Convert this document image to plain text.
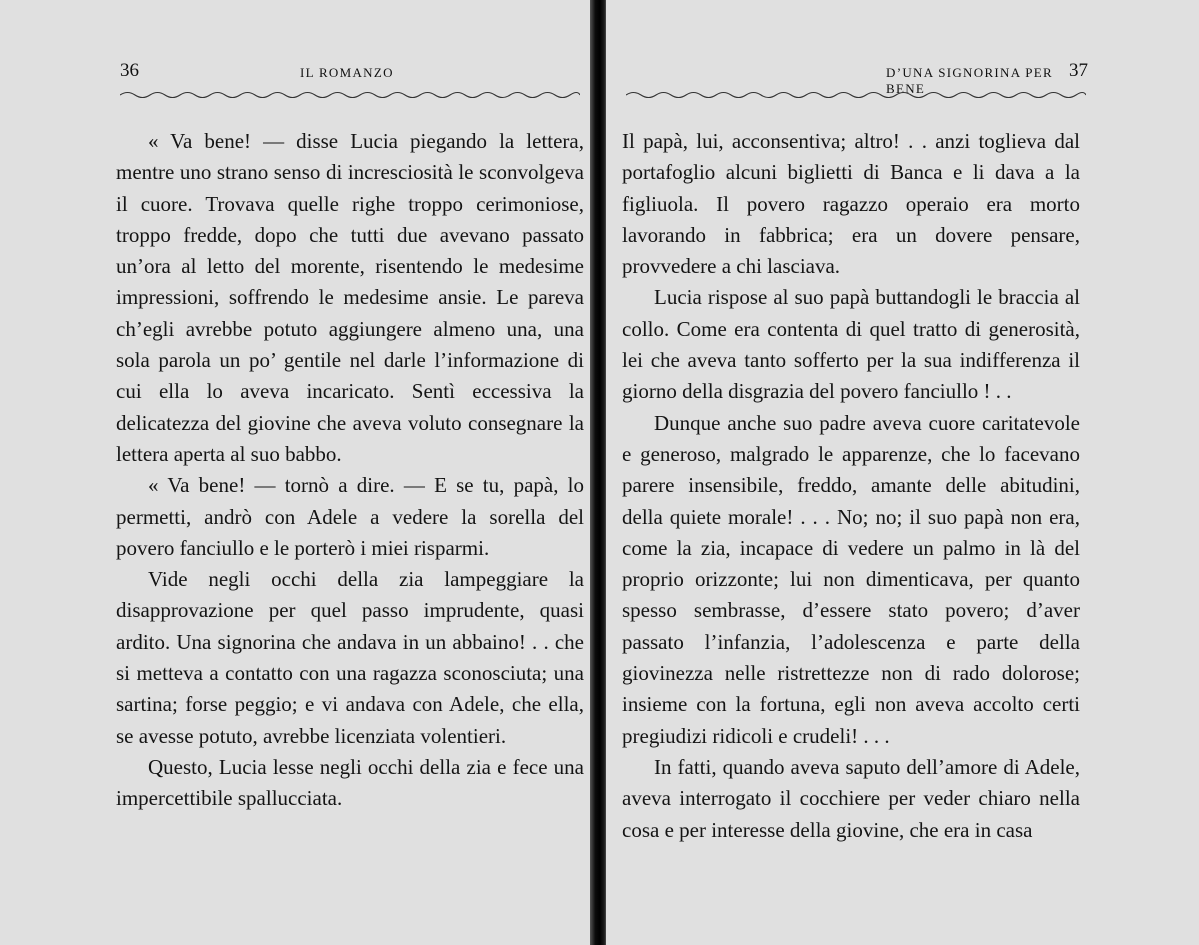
36	IL ROMANZO

« Va bene! — disse Lucia piegando la lettera, mentre uno strano senso di incresciosità le sconvolgeva il cuore. Trovava quelle righe troppo cerimoniose, troppo fredde, dopo che tutti due avevano passato un’ora al letto del morente, risentendo le medesime impressioni, soffrendo le medesime ansie. Le pareva ch’egli avrebbe potuto aggiungere almeno una, una sola parola un po’ gentile nel darle l’informazione di cui ella lo aveva incaricato. Sentì eccessiva la delicatezza del giovine che aveva voluto consegnare la lettera aperta al suo babbo.

« Va bene! — tornò a dire. — E se tu, papà, lo permetti, andrò con Adele a vedere la sorella del povero fanciullo e le porterò i miei risparmi.

Vide negli occhi della zia lampeggiare la disapprovazione per quel passo imprudente, quasi ardito. Una signorina che andava in un abbaino! . . che si metteva a contatto con una ragazza sconosciuta; una sartina; forse peggio; e vi andava con Adele, che ella, se avesse potuto, avrebbe licenziata volentieri.

Questo, Lucia lesse negli occhi della zia e fece una impercettibile spallucciata.

D’UNA SIGNORINA PER BENE
37

Il papà, lui, acconsentiva; altro! . . anzi toglieva dal portafoglio alcuni biglietti di Banca e li dava a la figliuola. Il povero ragazzo operaio era morto lavorando in fabbrica; era un dovere pensare, provvedere a chi lasciava.

Lucia rispose al suo papà buttandogli le braccia al collo. Come era contenta di quel tratto di generosità, lei che aveva tanto sofferto per la sua indifferenza il giorno della disgrazia del povero fanciullo ! . .

Dunque anche suo padre aveva cuore caritatevole e generoso, malgrado le apparenze, che lo facevano parere insensibile, freddo, amante delle abitudini, della quiete morale! . . . No; no; il suo papà non era, come la zia, incapace di vedere un palmo in là del proprio orizzonte; lui non dimenticava, per quanto spesso sembrasse, d’essere stato povero; d’aver passato l’infanzia, l’adolescenza e parte della giovinezza nelle ristrettezze non di rado dolorose; insieme con la fortuna, egli non aveva accolto certi pregiudizi ridicoli e crudeli! . . .

In fatti, quando aveva saputo dell’amore di Adele, aveva interrogato il cocchiere per veder chiaro nella cosa e per interesse della giovine, che era in casa
